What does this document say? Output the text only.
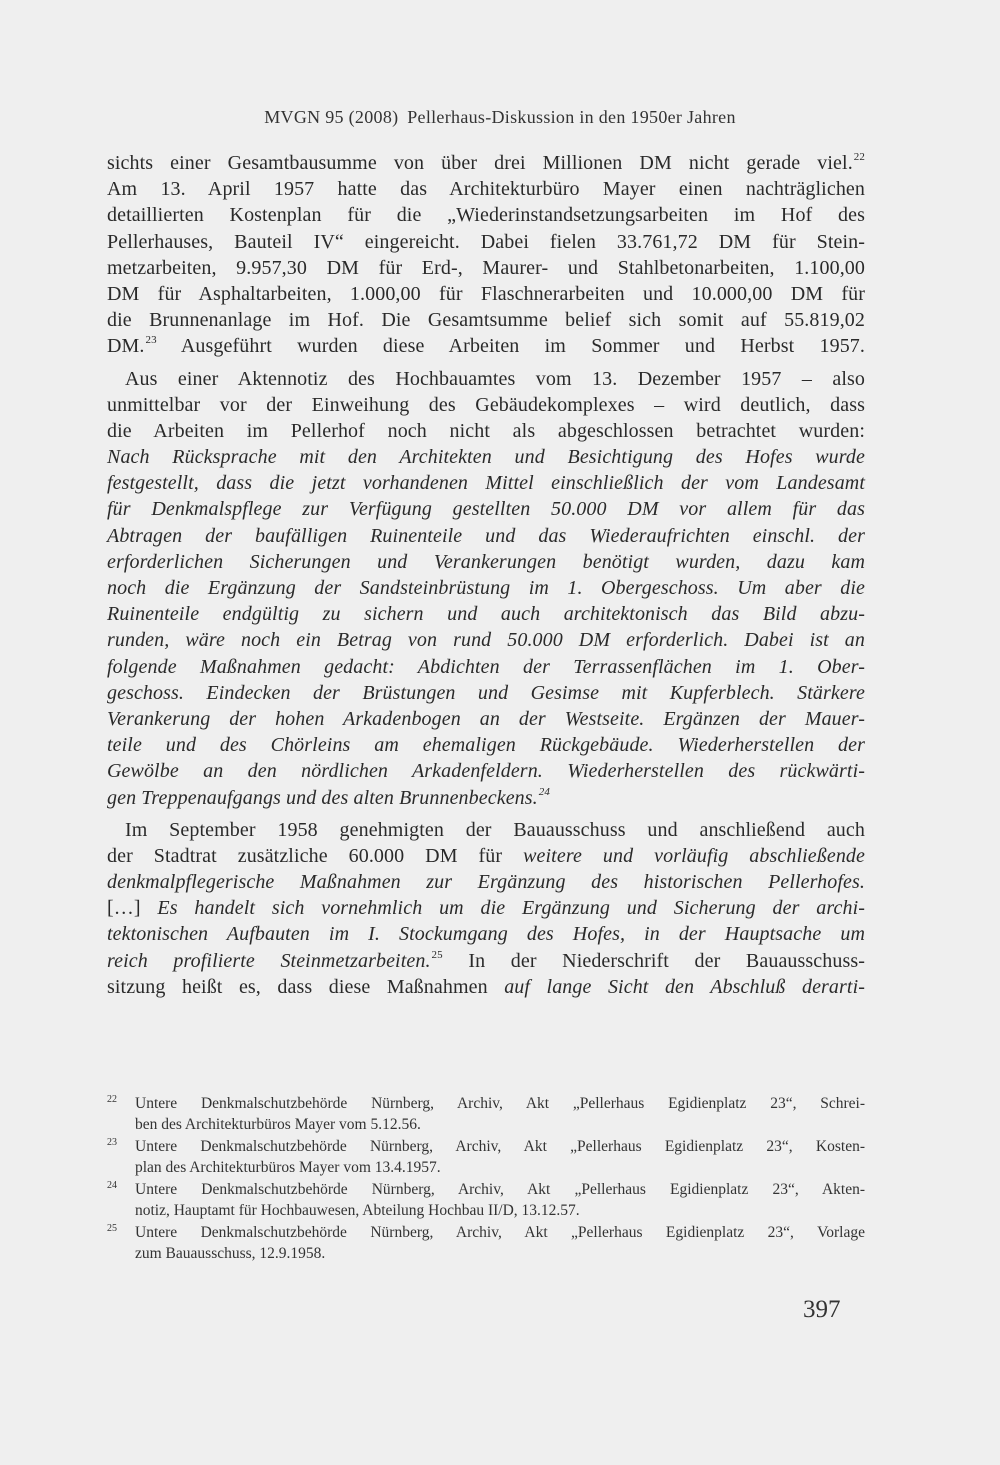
MVGN 95 (2008) Pellerhaus-Diskussion in den 1950er Jahren
sichts einer Gesamtbausumme von über drei Millionen DM nicht gerade viel.$^{22}$
Am 13. April 1957 hatte das Architekturbüro Mayer einen nachträglichen
detaillierten Kostenplan für die „Wiederinstandsetzungsarbeiten im Hof des
Pellerhauses, Bauteil IV“ eingereicht. Dabei fielen 33.761,72 DM für Stein-
metzarbeiten, 9.957,30 DM für Erd-, Maurer- und Stahlbetonarbeiten, 1.100,00
DM für Asphaltarbeiten, 1.000,00 für Flaschnerarbeiten und 10.000,00 DM für
die Brunnenanlage im Hof. Die Gesamtsumme belief sich somit auf 55.819,02
DM.$^{23}$ Ausgeführt wurden diese Arbeiten im Sommer und Herbst 1957.
Aus einer Aktennotiz des Hochbauamtes vom 13. Dezember 1957 – also
unmittelbar vor der Einweihung des Gebäudekomplexes – wird deutlich, dass
die Arbeiten im Pellerhof noch nicht als abgeschlossen betrachtet wurden:
Nach Rücksprache mit den Architekten und Besichtigung des Hofes wurde
festgestellt, dass die jetzt vorhandenen Mittel einschließlich der vom Landesamt
für Denkmalspflege zur Verfügung gestellten 50.000 DM vor allem für das
Abtragen der baufälligen Ruinenteile und das Wiederaufrichten einschl. der
erforderlichen Sicherungen und Verankerungen benötigt wurden, dazu kam
noch die Ergänzung der Sandsteinbrüstung im 1. Obergeschoss. Um aber die
Ruinenteile endgültig zu sichern und auch architektonisch das Bild abzu-
runden, wäre noch ein Betrag von rund 50.000 DM erforderlich. Dabei ist an
folgende Maßnahmen gedacht: Abdichten der Terrassenflächen im 1. Ober-
geschoss. Eindecken der Brüstungen und Gesimse mit Kupferblech. Stärkere
Verankerung der hohen Arkadenbogen an der Westseite. Ergänzen der Mauer-
teile und des Chörleins am ehemaligen Rückgebäude. Wiederherstellen der
Gewölbe an den nördlichen Arkadenfeldern. Wiederherstellen des rückwärti-
gen Treppenaufgangs und des alten Brunnenbeckens.$^{24}$
Im September 1958 genehmigten der Bauausschuss und anschließend auch
der Stadtrat zusätzliche 60.000 DM für weitere und vorläufig abschließende
denkmalpflegerische Maßnahmen zur Ergänzung des historischen Pellerhofes.
[…] Es handelt sich vornehmlich um die Ergänzung und Sicherung der archi-
tektonischen Aufbauten im I. Stockumgang des Hofes, in der Hauptsache um
reich profilierte Steinmetzarbeiten.$^{25}$ In der Niederschrift der Bauausschuss-
sitzung heißt es, dass diese Maßnahmen auf lange Sicht den Abschluß derarti-
22 Untere Denkmalschutzbehörde Nürnberg, Archiv, Akt „Pellerhaus Egidienplatz 23“, Schrei-
ben des Architekturbüros Mayer vom 5.12.56.
23 Untere Denkmalschutzbehörde Nürnberg, Archiv, Akt „Pellerhaus Egidienplatz 23“, Kosten-
plan des Architekturbüros Mayer vom 13.4.1957.
24 Untere Denkmalschutzbehörde Nürnberg, Archiv, Akt „Pellerhaus Egidienplatz 23“, Akten-
notiz, Hauptamt für Hochbauwesen, Abteilung Hochbau II/D, 13.12.57.
25 Untere Denkmalschutzbehörde Nürnberg, Archiv, Akt „Pellerhaus Egidienplatz 23“, Vorlage
zum Bauausschuss, 12.9.1958.
397
